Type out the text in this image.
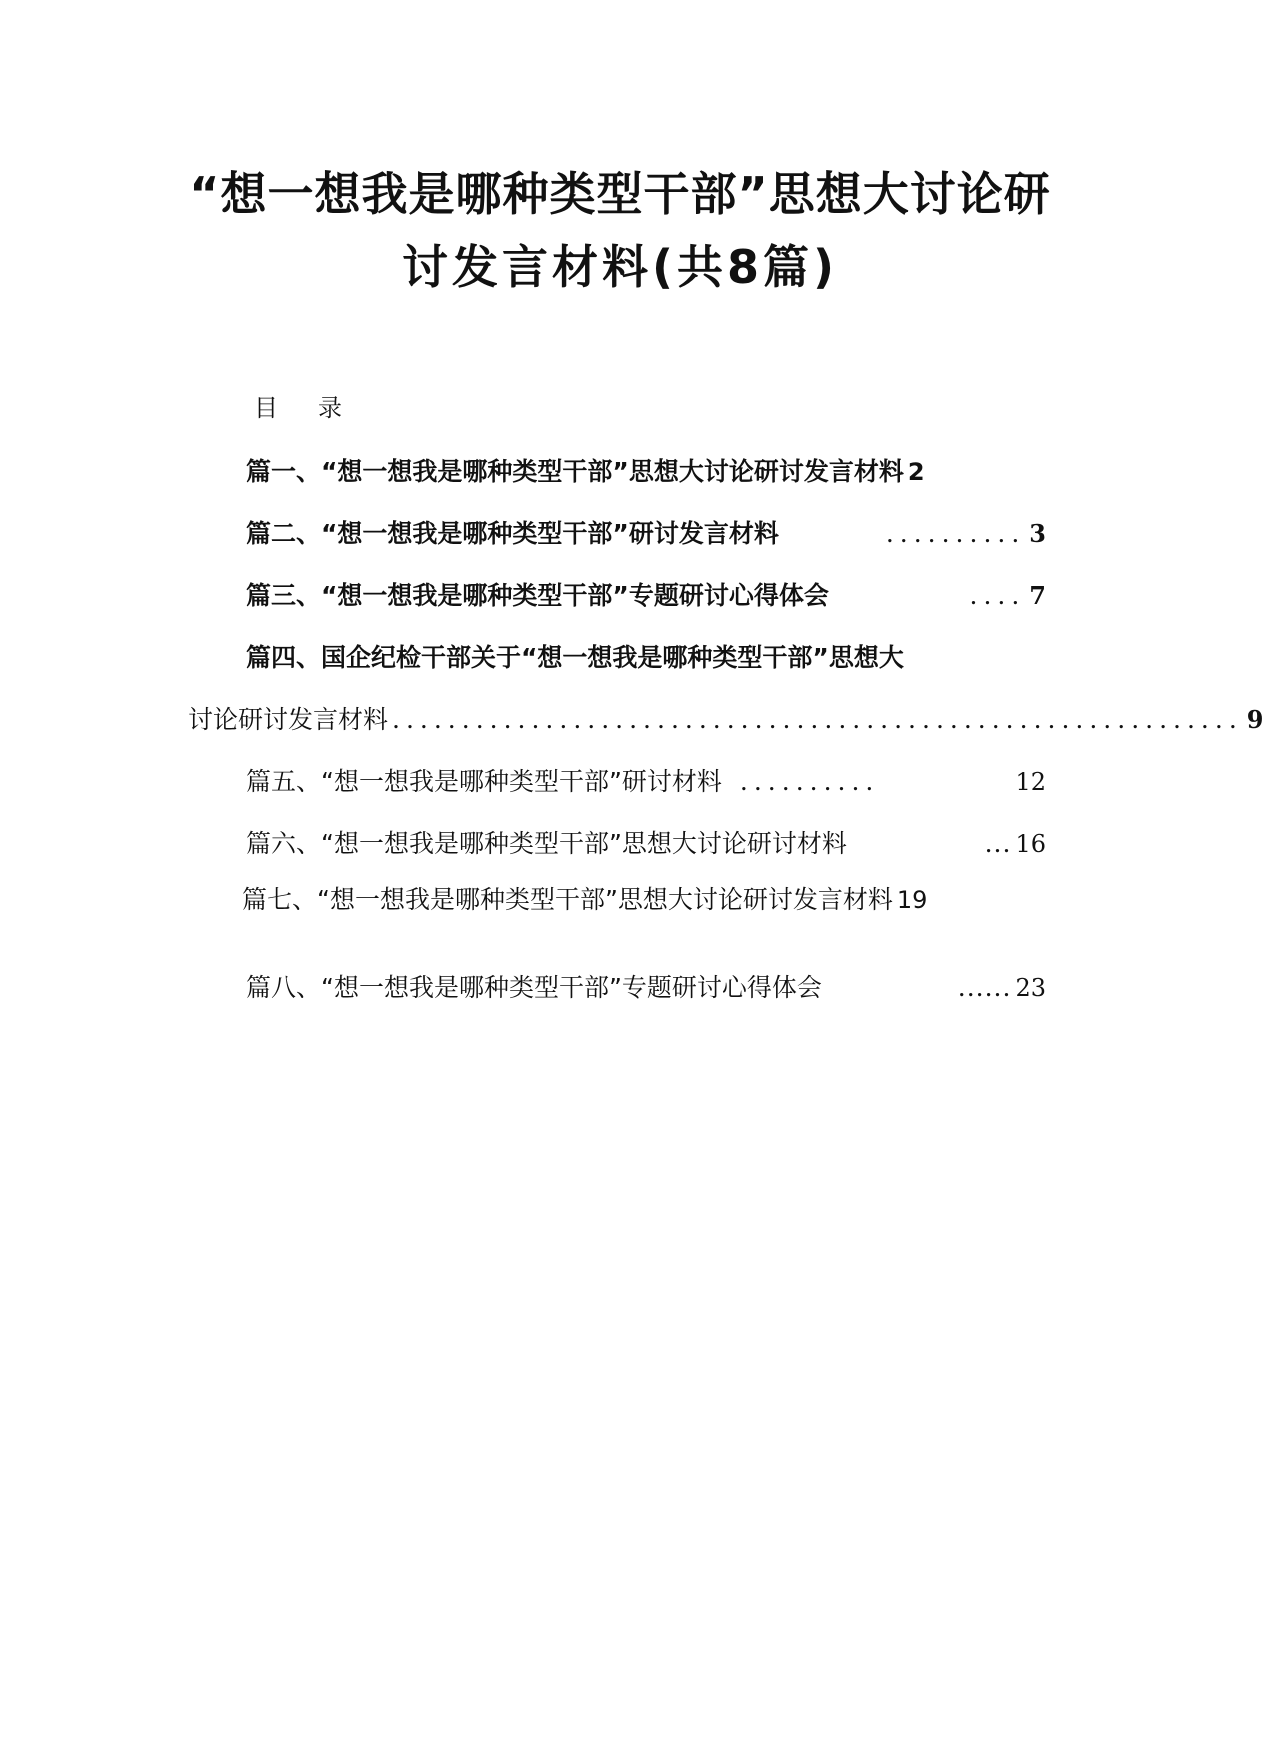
“想一想我是哪种类型干部”思想大讨论研
讨发言材料(共8篇)
目 录
篇一、“想一想我是哪种类型干部”思想大讨论研讨发言材料 2
篇二、“想一想我是哪种类型干部”研讨发言材料	.......... 3
篇三、“想一想我是哪种类型干部”专题研讨心得体会	.... 7
篇四、国企纪检干部关于“想一想我是哪种类型干部”思想大
讨论研讨发言材料 ............................................................. 9
篇五、“想一想我是哪种类型干部”研讨材料 ..........	12
篇六、“想一想我是哪种类型干部”思想大讨论研讨材料	... 16
篇七、“想一想我是哪种类型干部”思想大讨论研讨发言材料 19
篇八、“想一想我是哪种类型干部”专题研讨心得体会	...... 23
